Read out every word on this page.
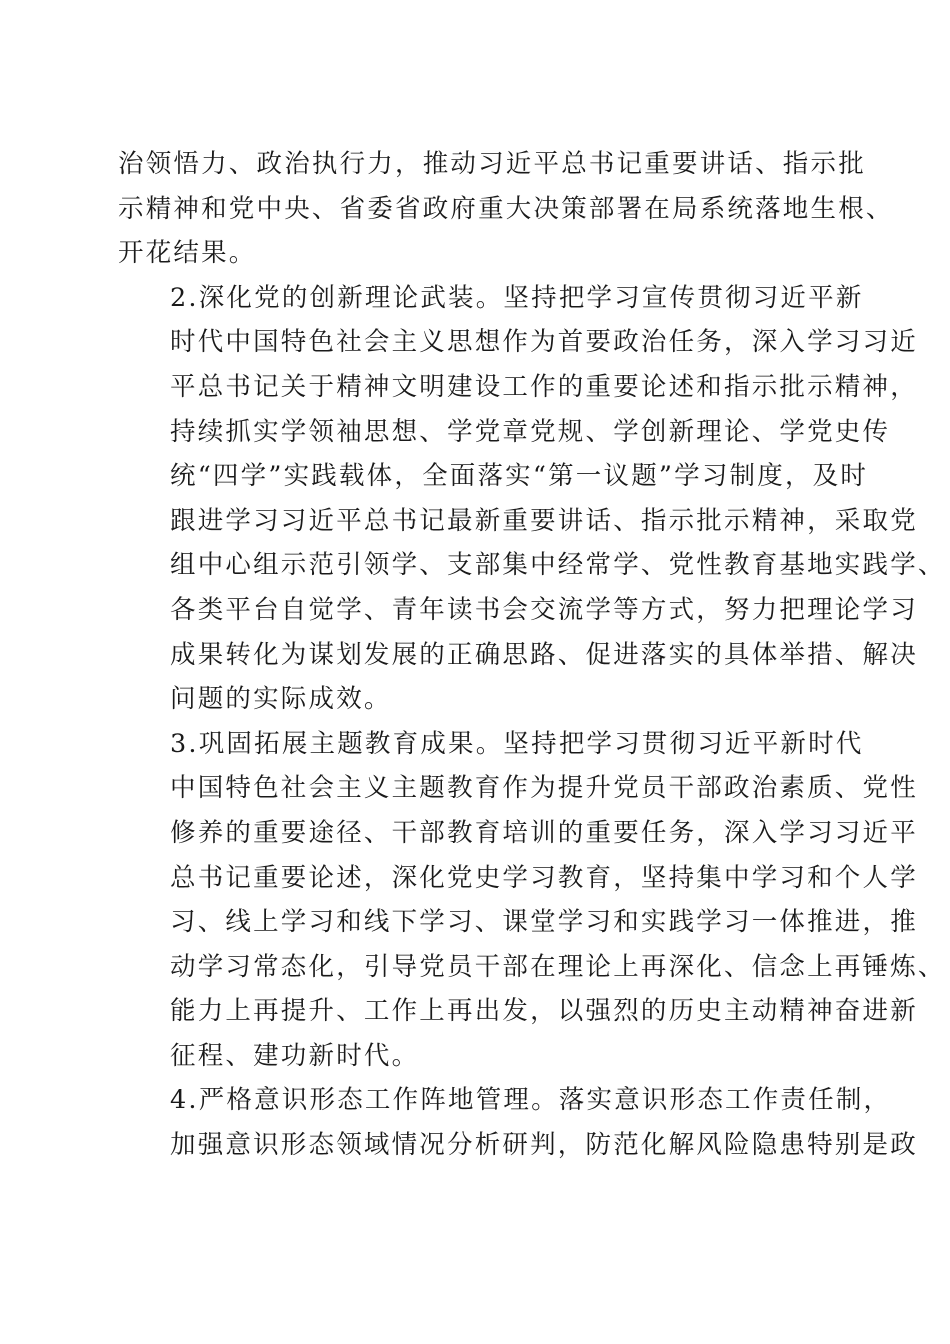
治领悟力、政治执行力，推动习近平总书记重要讲话、指示批
示精神和党中央、省委省政府重大决策部署在局系统落地生根、
开花结果。

2.深化党的创新理论武装。坚持把学习宣传贯彻习近平新
时代中国特色社会主义思想作为首要政治任务，深入学习习近
平总书记关于精神文明建设工作的重要论述和指示批示精神，
持续抓实学领袖思想、学党章党规、学创新理论、学党史传
统“四学”实践载体，全面落实“第一议题”学习制度，及时
跟进学习习近平总书记最新重要讲话、指示批示精神，采取党
组中心组示范引领学、支部集中经常学、党性教育基地实践学、
各类平台自觉学、青年读书会交流学等方式，努力把理论学习
成果转化为谋划发展的正确思路、促进落实的具体举措、解决
问题的实际成效。

3.巩固拓展主题教育成果。坚持把学习贯彻习近平新时代
中国特色社会主义主题教育作为提升党员干部政治素质、党性
修养的重要途径、干部教育培训的重要任务，深入学习习近平
总书记重要论述，深化党史学习教育，坚持集中学习和个人学
习、线上学习和线下学习、课堂学习和实践学习一体推进，推
动学习常态化，引导党员干部在理论上再深化、信念上再锤炼、
能力上再提升、工作上再出发，以强烈的历史主动精神奋进新
征程、建功新时代。

4.严格意识形态工作阵地管理。落实意识形态工作责任制，
加强意识形态领域情况分析研判，防范化解风险隐患特别是政
